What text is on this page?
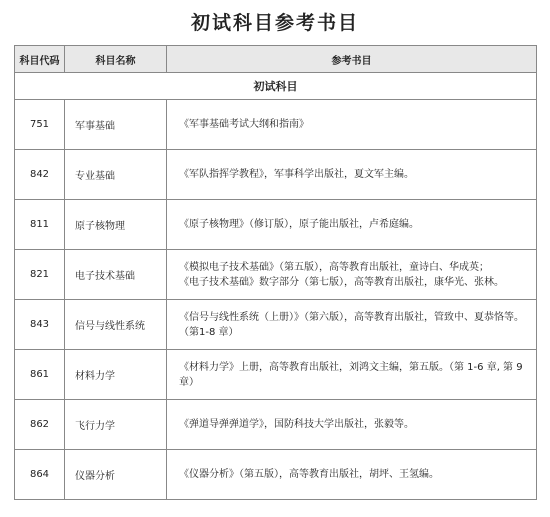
初试科目参考书目
科目代码	科目名称	参考书目
初试科目		
751	军事基础	《军事基础考试大纲和指南》

842	专业基础	《军队指挥学教程》，军事科学出版社，夏文军主编。

811	原子核物理	《原子核物理》（修订版），原子能出版社，卢希庭编。

821	电子技术基础	《模拟电子技术基础》（第五版），高等教育出版社，童诗白、华成英；
《电子技术基础》数字部分（第七版），高等教育出版社，康华光、张林。

843	信号与线性系统	《信号与线性系统（上册）》（第六版），高等教育出版社，管致中、夏恭恪等。（第1-8 章）

861	材料力学	《材料力学》上册，高等教育出版社，刘鸿文主编，第五版。（第 1-6 章, 第 9 章）

862	飞行力学	《弹道导弹弹道学》，国防科技大学出版社，张毅等。

864	仪器分析	《仪器分析》（第五版），高等教育出版社，胡坪、王氢编。
